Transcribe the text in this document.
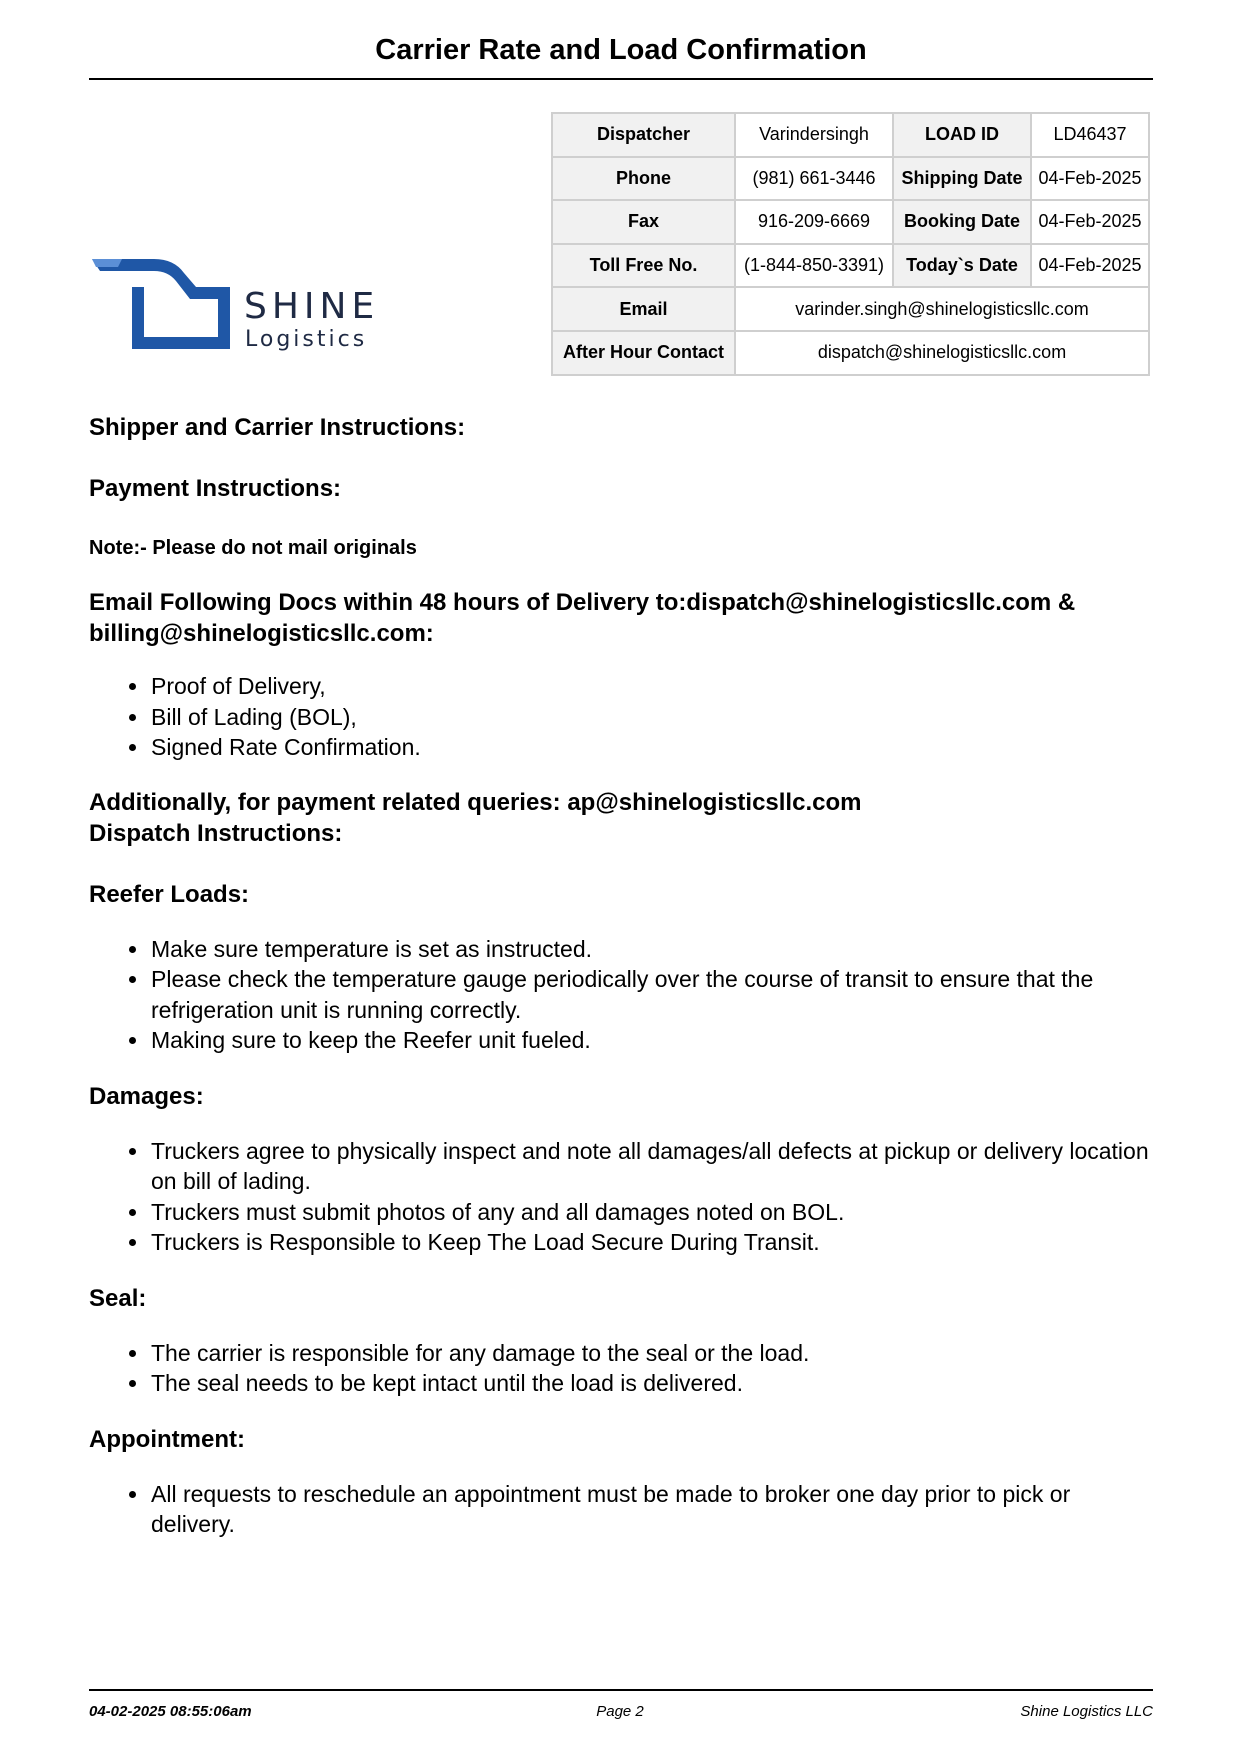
Carrier Rate and Load Confirmation
SHINE
Logistics
Dispatcher	Varindersingh	LOAD ID	LD46437
Phone	(981) 661-3446	Shipping Date	04-Feb-2025
Fax	916-209-6669	Booking Date	04-Feb-2025
Toll Free No.	(1-844-850-3391)	Today`s Date	04-Feb-2025
Email	varinder.singh@shinelogisticsllc.com		
After Hour Contact	dispatch@shinelogisticsllc.com		
Shipper and Carrier Instructions:
Payment Instructions:
Note:- Please do not mail originals
Email Following Docs within 48 hours of Delivery to:dispatch@shinelogisticsllc.com & billing@shinelogisticsllc.com:
Proof of Delivery,
Bill of Lading (BOL),
Signed Rate Confirmation.
Additionally, for payment related queries: ap@shinelogisticsllc.com
Dispatch Instructions:
Reefer Loads:
Make sure temperature is set as instructed.
Please check the temperature gauge periodically over the course of transit to ensure that the refrigeration unit is running correctly.
Making sure to keep the Reefer unit fueled.
Damages:
Truckers agree to physically inspect and note all damages/all defects at pickup or delivery location on bill of lading.
Truckers must submit photos of any and all damages noted on BOL.
Truckers is Responsible to Keep The Load Secure During Transit.
Seal:
The carrier is responsible for any damage to the seal or the load.
The seal needs to be kept intact until the load is delivered.
Appointment:
All requests to reschedule an appointment must be made to broker one day prior to pick or delivery.
04-02-2025 08:55:06am	Page 2	Shine Logistics LLC
